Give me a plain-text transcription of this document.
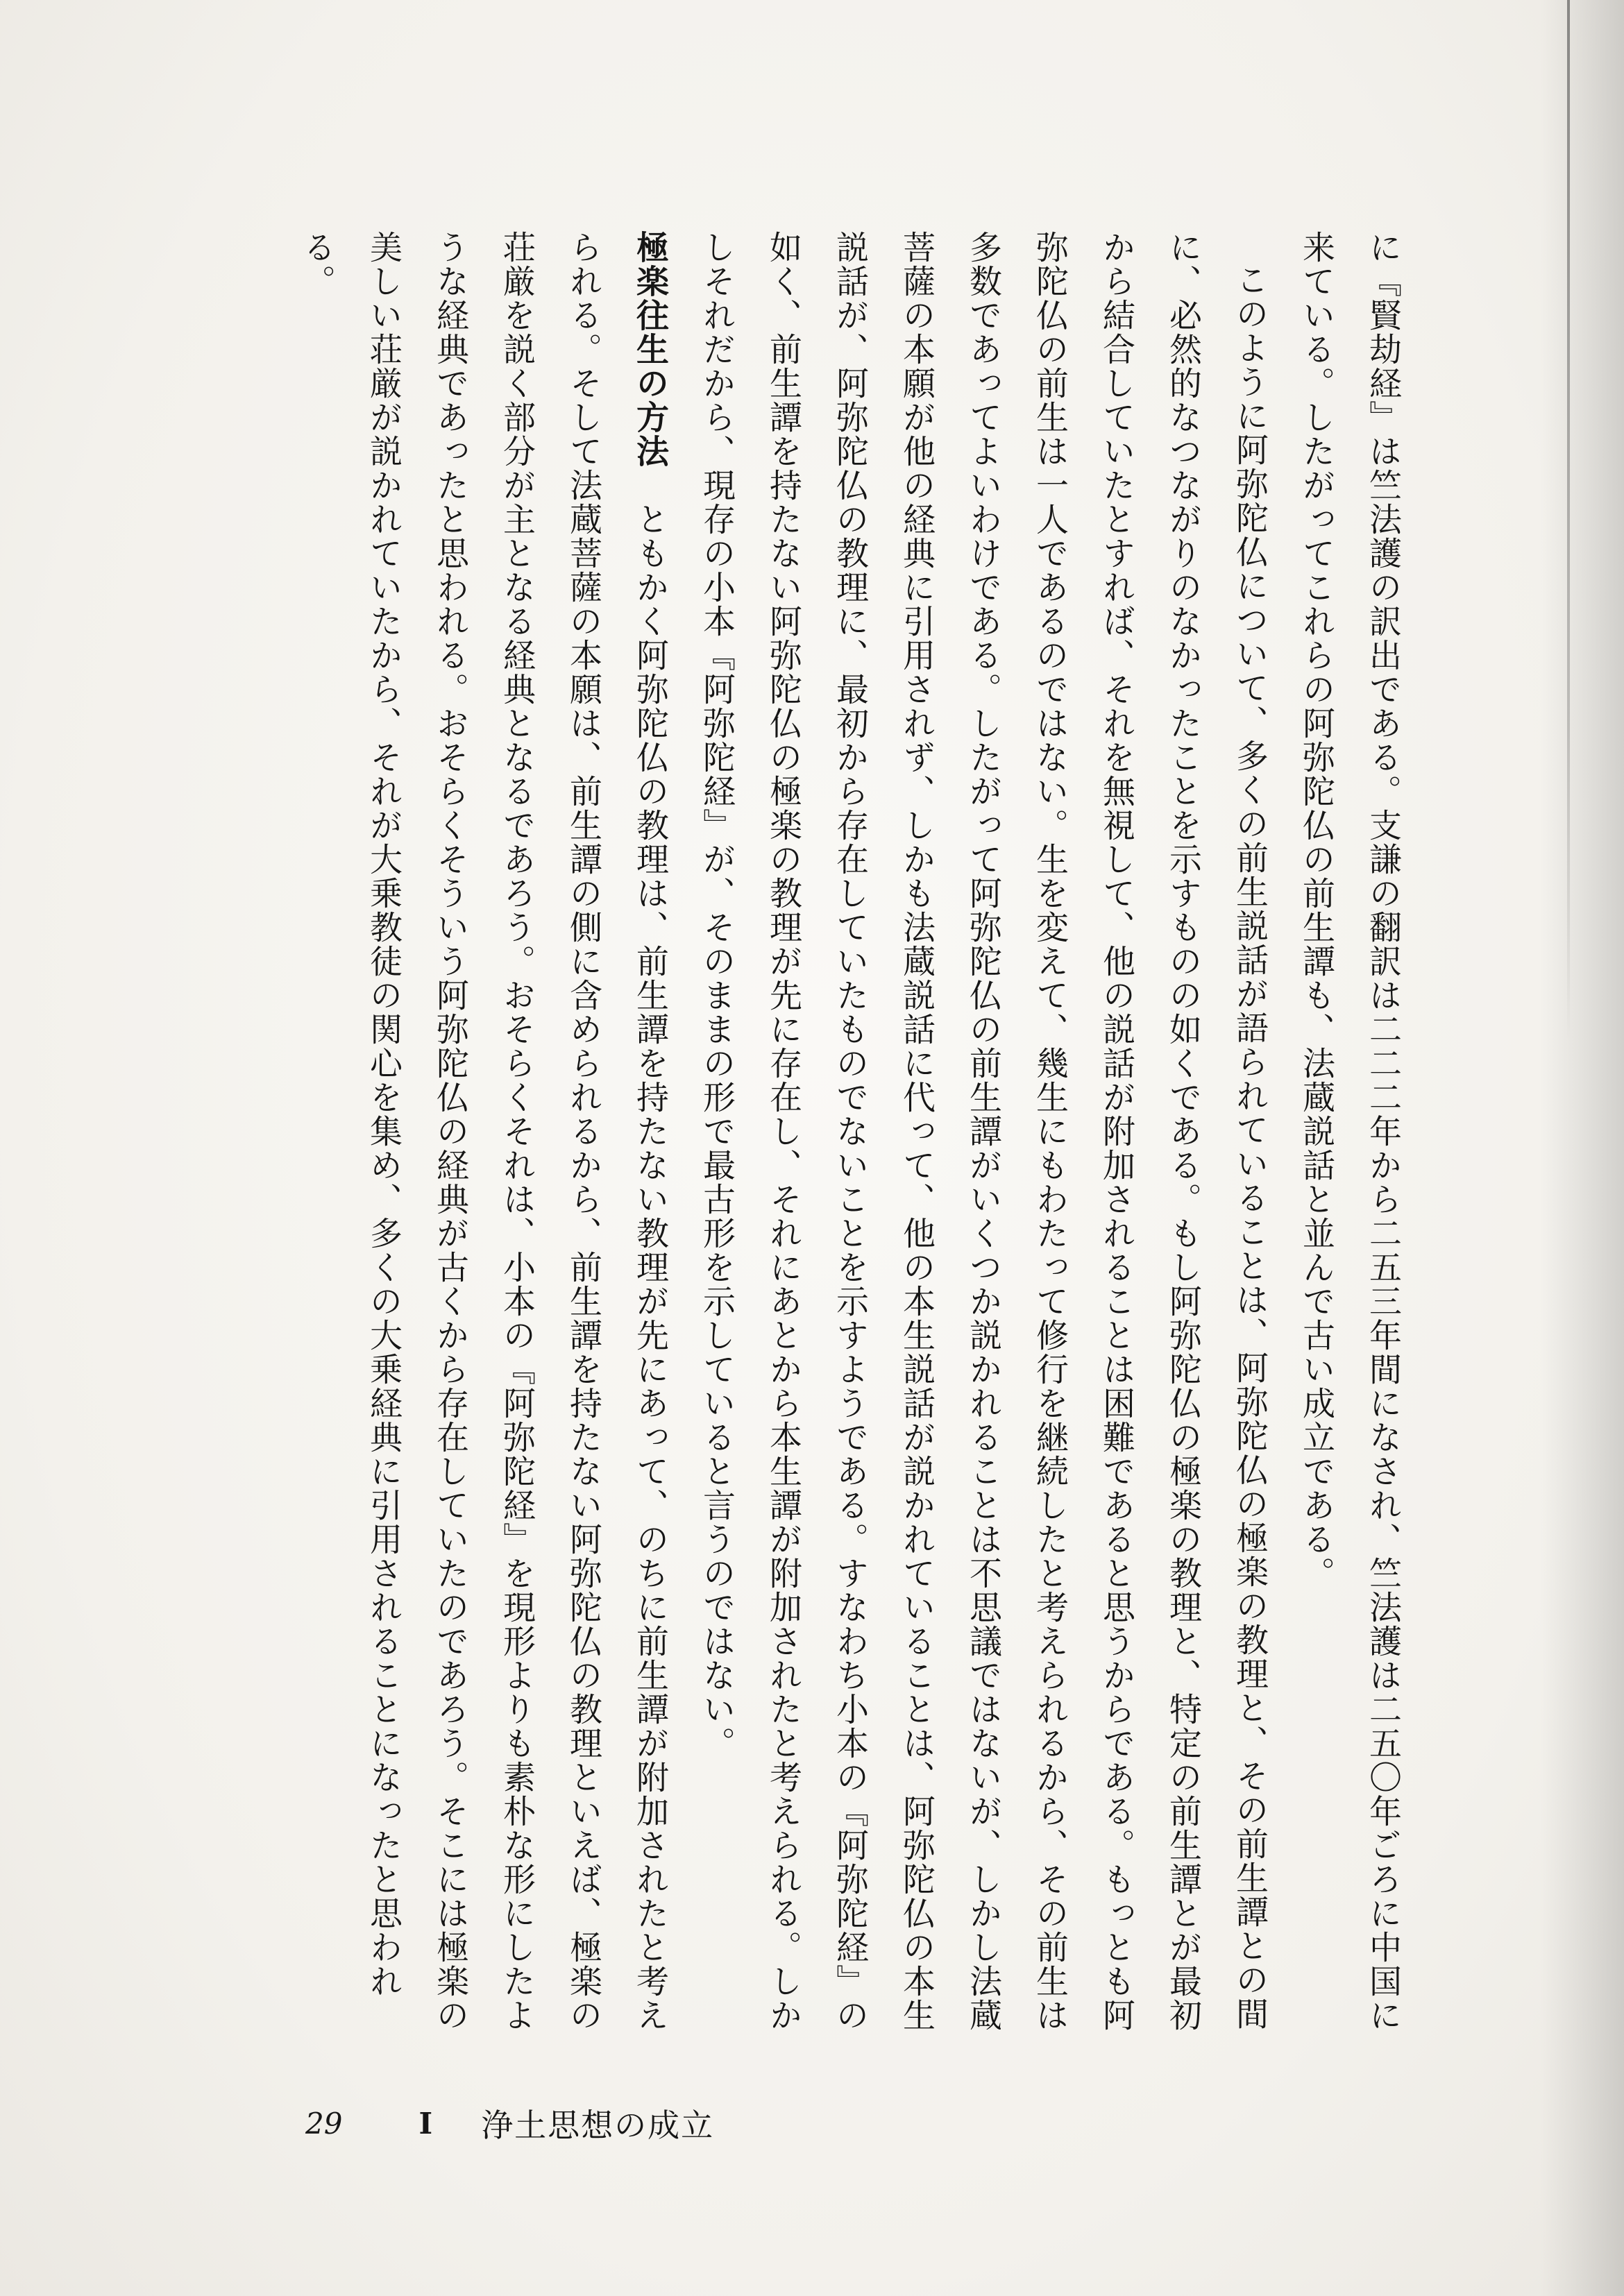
に『賢劫経』は竺法護の訳出である。支謙の翻訳は二二二年から二五三年間になされ、竺法護は二五〇年ごろに中国に来ている。したがってこれらの阿弥陀仏の前生譚も、法蔵説話と並んで古い成立である。

このように阿弥陀仏について、多くの前生説話が語られていることは、阿弥陀仏の極楽の教理と、その前生譚との間に、必然的なつながりのなかったことを示すものの如くである。もし阿弥陀仏の極楽の教理と、特定の前生譚とが最初から結合していたとすれば、それを無視して、他の説話が附加されることは困難であると思うからである。もっとも阿弥陀仏の前生は一人であるのではない。生を変えて、幾生にもわたって修行を継続したと考えられるから、その前生は多数であってよいわけである。したがって阿弥陀仏の前生譚がいくつか説かれることは不思議ではないが、しかし法蔵菩薩の本願が他の経典に引用されず、しかも法蔵説話に代って、他の本生説話が説かれていることは、阿弥陀仏の本生説話が、阿弥陀仏の教理に、最初から存在していたものでないことを示すようである。すなわち小本の『阿弥陀経』の如く、前生譚を持たない阿弥陀仏の極楽の教理が先に存在し、それにあとから本生譚が附加されたと考えられる。しかしそれだから、現存の小本『阿弥陀経』が、そのままの形で最古形を示していると言うのではない。

極楽往生の方法　ともかく阿弥陀仏の教理は、前生譚を持たない教理が先にあって、のちに前生譚が附加されたと考えられる。そして法蔵菩薩の本願は、前生譚の側に含められるから、前生譚を持たない阿弥陀仏の教理といえば、極楽の荘厳を説く部分が主となる経典となるであろう。おそらくそれは、小本の『阿弥陀経』を現形よりも素朴な形にしたような経典であったと思われる。おそらくそういう阿弥陀仏の経典が古くから存在していたのであろう。そこには極楽の美しい荘厳が説かれていたから、それが大乗教徒の関心を集め、多くの大乗経典に引用されることになったと思われる。

29	I 浄土思想の成立
